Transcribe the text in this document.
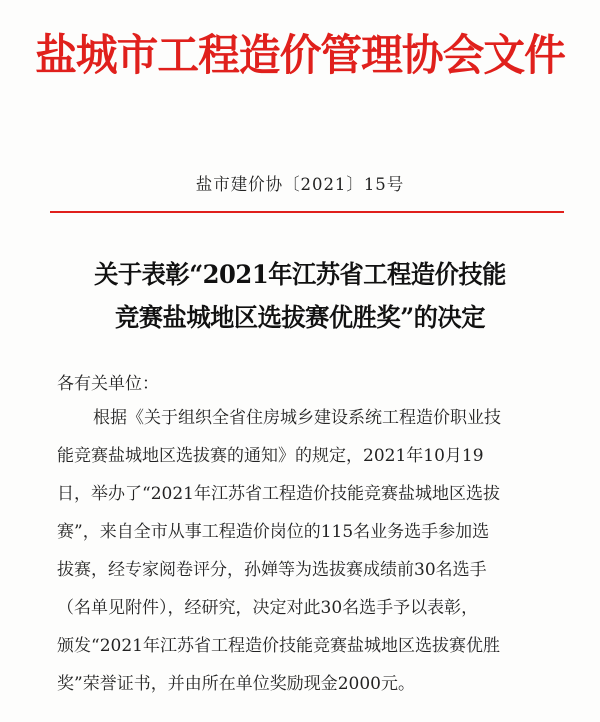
盐城市工程造价管理协会文件
盐市建价协〔2021〕15号
关于表彰“2021年江苏省工程造价技能
竞赛盐城地区选拔赛优胜奖”的决定
各有关单位：
根据《关于组织全省住房城乡建设系统工程造价职业技
能竞赛盐城地区选拔赛的通知》的规定，2021年10月19
日，举办了“2021年江苏省工程造价技能竞赛盐城地区选拔
赛”，来自全市从事工程造价岗位的115名业务选手参加选
拔赛，经专家阅卷评分，孙婵等为选拔赛成绩前30名选手
（名单见附件），经研究，决定对此30名选手予以表彰，
颁发“2021年江苏省工程造价技能竞赛盐城地区选拔赛优胜
奖”荣誉证书，并由所在单位奖励现金2000元。
